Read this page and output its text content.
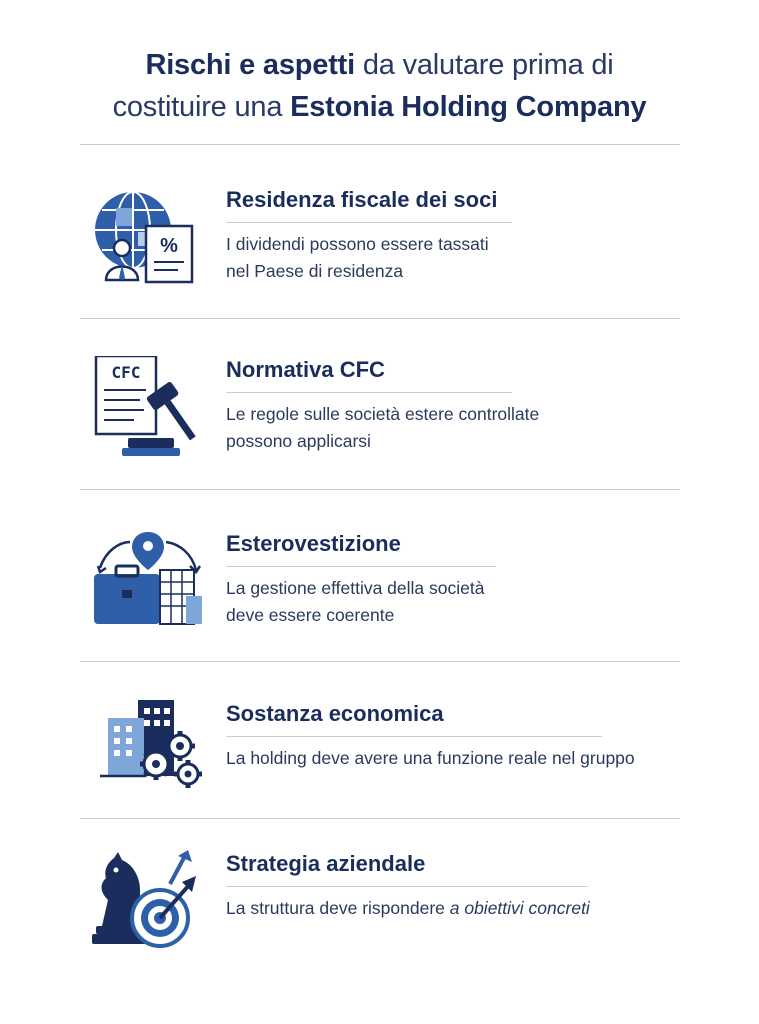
Rischi e aspetti da valutare prima di
costituire una Estonia Holding Company
%
Residenza fiscale dei soci
I dividendi possono essere tassati
nel Paese di residenza
CFC	Normativa CFC
Le regole sulle società estere controllate
possono applicarsi
Esterovestizione
La gestione effettiva della società
deve essere coerente
Sostanza economica
La holding deve avere una funzione reale nel gruppo
Strategia aziendale
La struttura deve rispondere a obiettivi concreti
